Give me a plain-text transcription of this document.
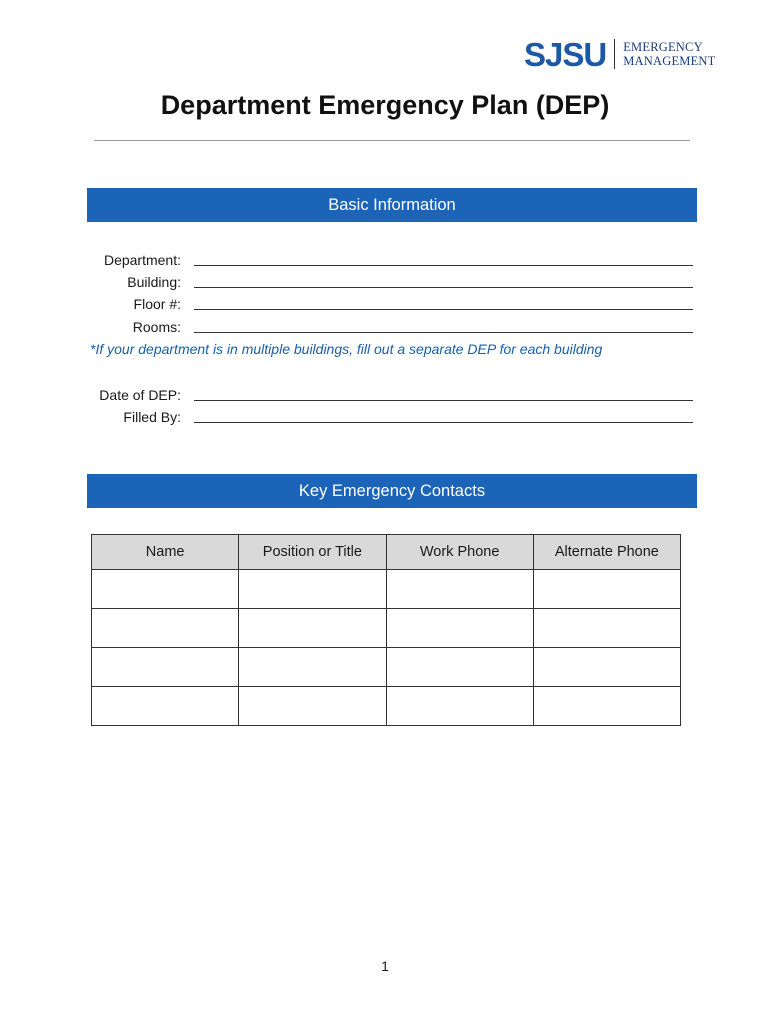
SJSU EMERGENCY
MANAGEMENT
Department Emergency Plan (DEP)
Basic Information
Department:
Building:
Floor #:
Rooms:
*If your department is in multiple buildings, fill out a separate DEP for each building
Date of DEP:
Filled By:
Key Emergency Contacts
Name	Position or Title	Work Phone	Alternate Phone

1
